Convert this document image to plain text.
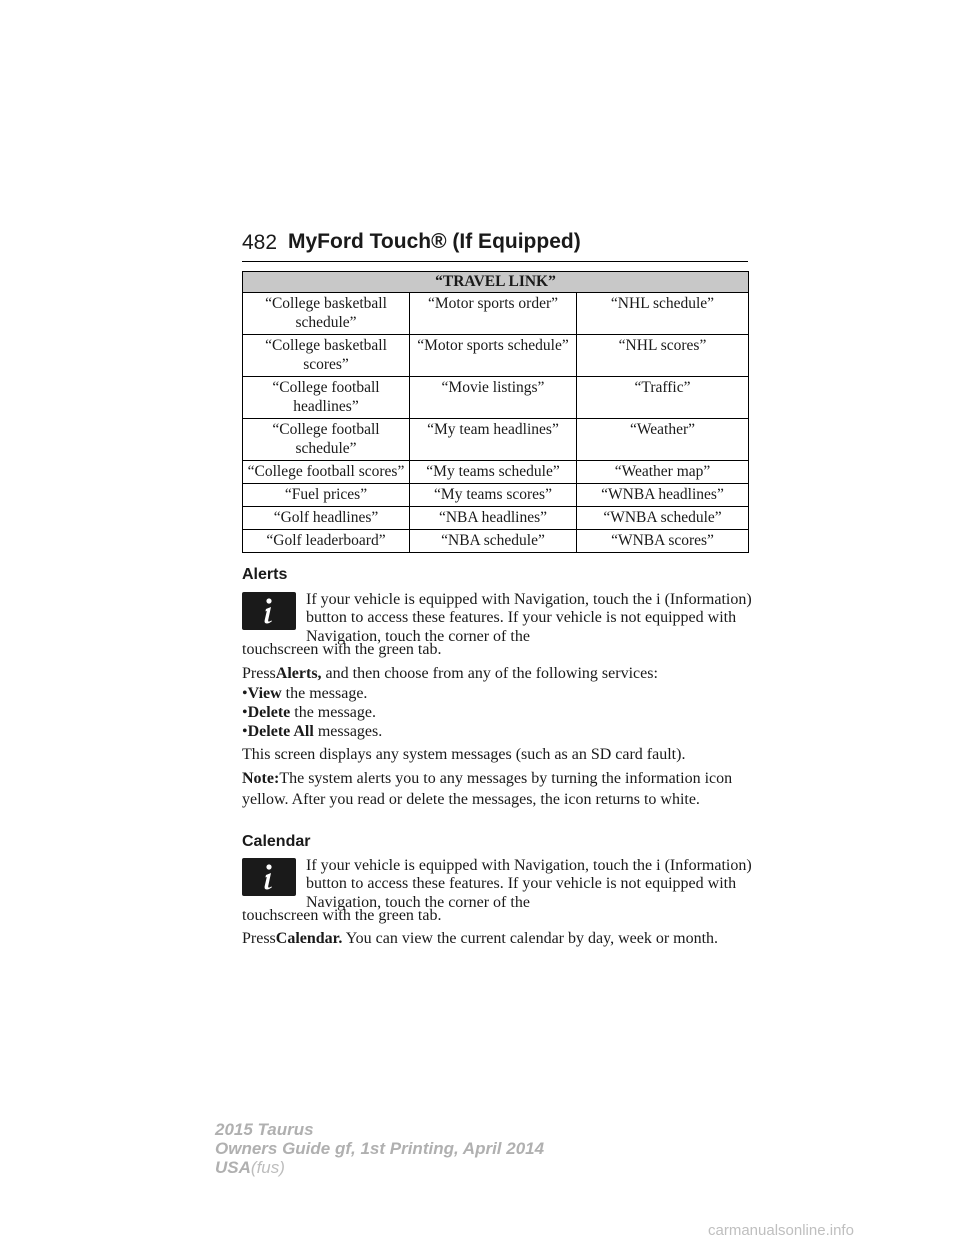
482 MyFord Touch® (If Equipped)
“TRAVEL LINK”		
“College basketball schedule”	“Motor sports order”	“NHL schedule”
“College basketball scores”	“Motor sports schedule”	“NHL scores”
“College football headlines”	“Movie listings”	“Traffic”
“College football schedule”	“My team headlines”	“Weather”
“College football scores”	“My teams schedule”	“Weather map”
“Fuel prices”	“My teams scores”	“WNBA headlines”
“Golf headlines”	“NBA headlines”	“WNBA schedule”
“Golf leaderboard”	“NBA schedule”	“WNBA scores”
Alerts
If your vehicle is equipped with Navigation, touch the i (Information) button to access these features. If your vehicle is not equipped with Navigation, touch the corner of the
touchscreen with the green tab.
PressAlerts, and then choose from any of the following services:
•View the message.
•Delete the message.
•Delete All messages.
This screen displays any system messages (such as an SD card fault).
Note:The system alerts you to any messages by turning the information icon yellow. After you read or delete the messages, the icon returns to white.
Calendar
If your vehicle is equipped with Navigation, touch the i (Information) button to access these features. If your vehicle is not equipped with Navigation, touch the corner of the
touchscreen with the green tab.
PressCalendar. You can view the current calendar by day, week or month.
2015 Taurus
Owners Guide gf, 1st Printing, April 2014
USA(fus)
carmanualsonline.info
